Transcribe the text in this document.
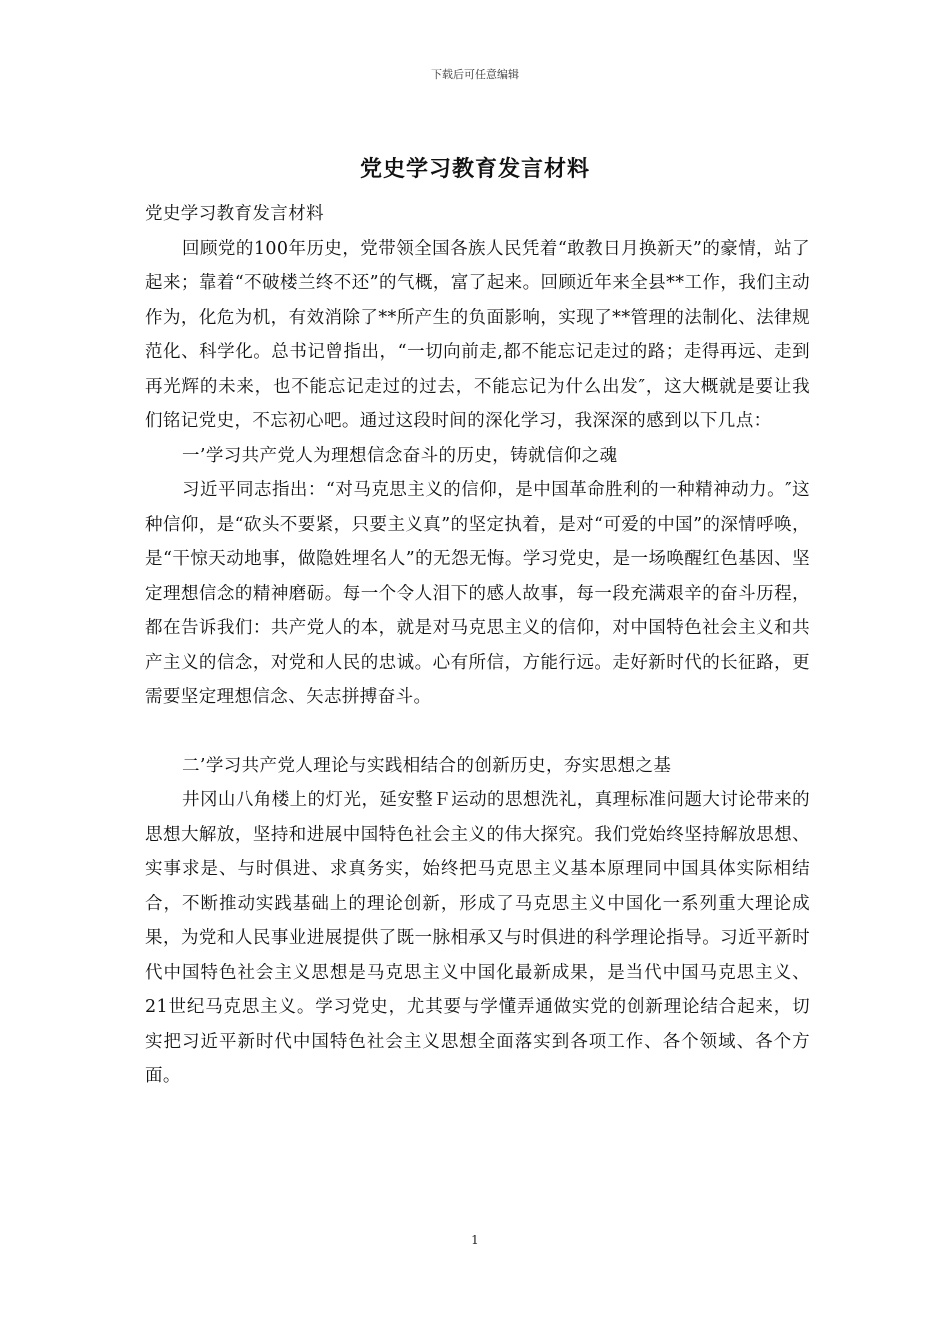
下载后可任意编辑
党史学习教育发言材料

党史学习教育发言材料

回顾党的100年历史，党带领全国各族人民凭着“敢教日月换新天”的豪情，站了起来；靠着“不破楼兰终不还”的气概，富了起来。回顾近年来全县**工作，我们主动作为，化危为机，有效消除了**所产生的负面影响，实现了**管理的法制化、法律规范化、科学化。总书记曾指出，“一切向前走,都不能忘记走过的路；走得再远、走到再光辉的未来，也不能忘记走过的过去，不能忘记为什么出发″，这大概就是要让我们铭记党史，不忘初心吧。通过这段时间的深化学习，我深深的感到以下几点：

一’学习共产党人为理想信念奋斗的历史，铸就信仰之魂

习近平同志指出：“对马克思主义的信仰，是中国革命胜利的一种精神动力。″这种信仰，是“砍头不要紧，只要主义真”的坚定执着，是对“可爱的中国”的深情呼唤，是“干惊天动地事，做隐姓埋名人”的无怨无悔。学习党史，是一场唤醒红色基因、坚定理想信念的精神磨砺。每一个令人泪下的感人故事，每一段充满艰辛的奋斗历程，都在告诉我们：共产党人的本，就是对马克思主义的信仰，对中国特色社会主义和共产主义的信念，对党和人民的忠诚。心有所信，方能行远。走好新时代的长征路，更需要坚定理想信念、矢志拼搏奋斗。

二’学习共产党人理论与实践相结合的创新历史，夯实思想之基

井冈山八角楼上的灯光，延安整Ｆ运动的思想洗礼，真理标准问题大讨论带来的思想大解放，坚持和进展中国特色社会主义的伟大探究。我们党始终坚持解放思想、实事求是、与时俱进、求真务实，始终把马克思主义基本原理同中国具体实际相结合，不断推动实践基础上的理论创新，形成了马克思主义中国化一系列重大理论成果，为党和人民事业进展提供了既一脉相承又与时俱进的科学理论指导。习近平新时代中国特色社会主义思想是马克思主义中国化最新成果，是当代中国马克思主义、21世纪马克思主义。学习党史，尤其要与学懂弄通做实党的创新理论结合起来，切实把习近平新时代中国特色社会主义思想全面落实到各项工作、各个领域、各个方面。

1
